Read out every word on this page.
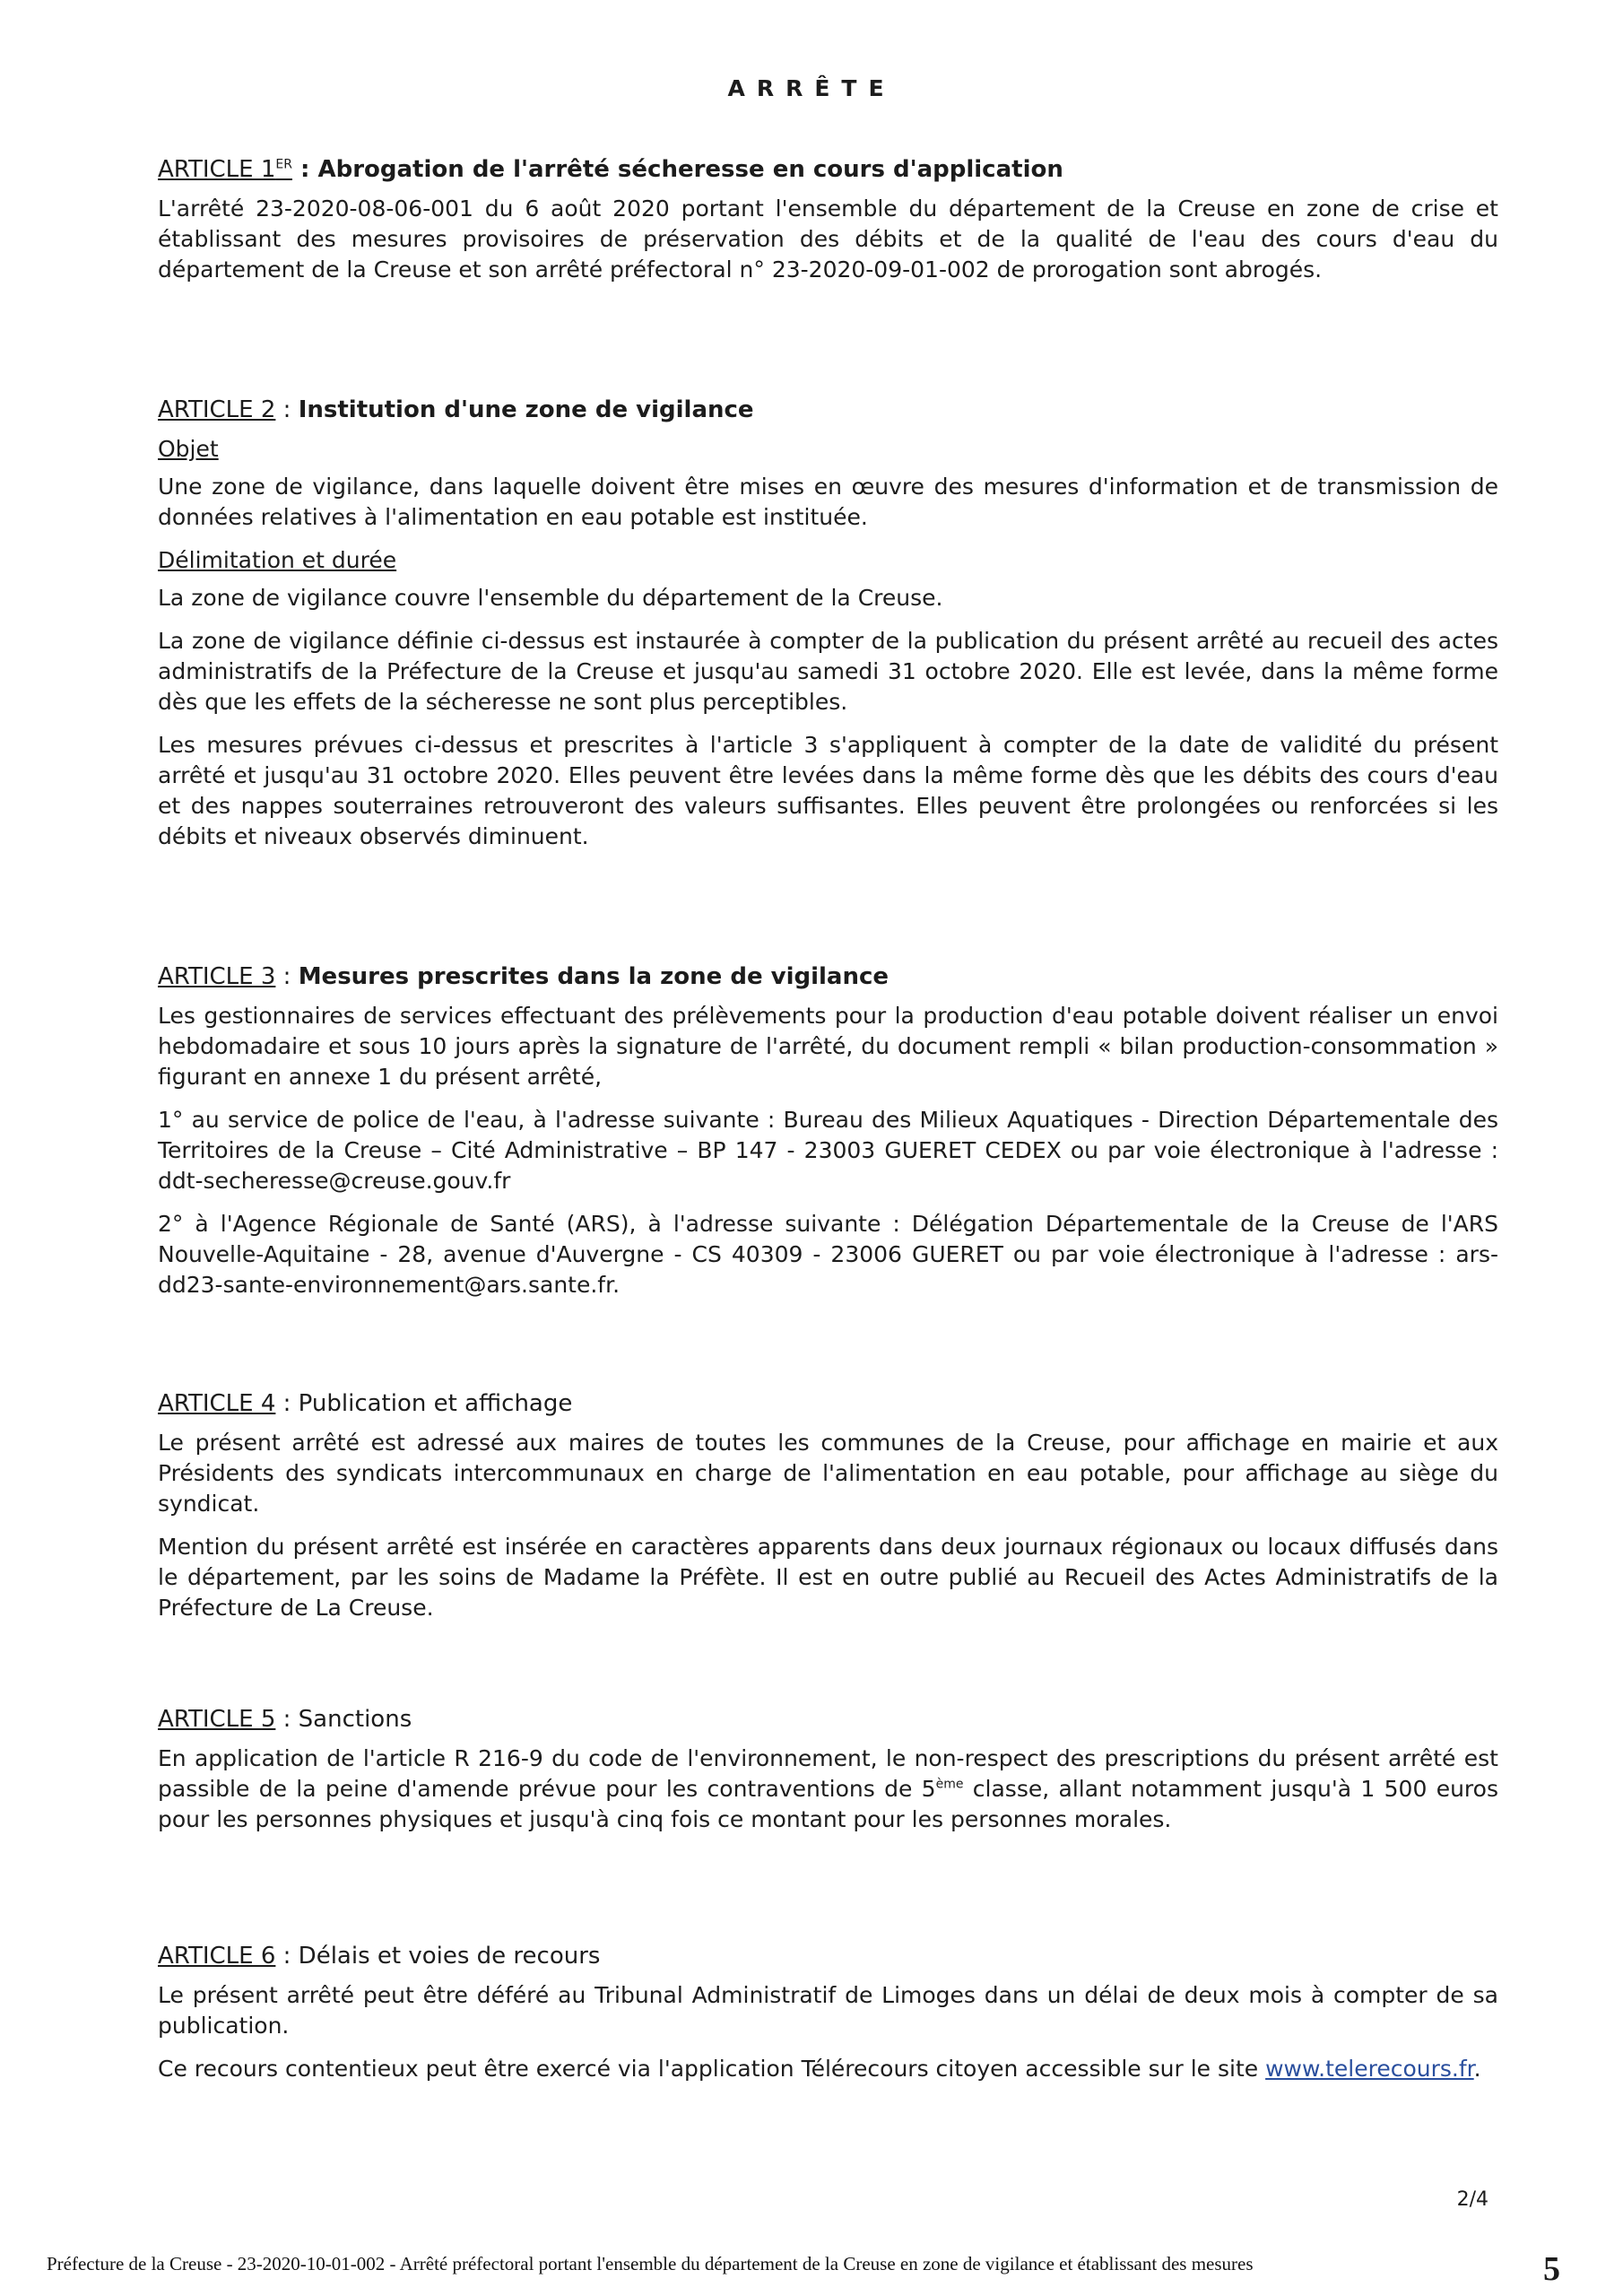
ARRÊTE
ARTICLE 1ER : Abrogation de l'arrêté sécheresse en cours d'application

L'arrêté 23-2020-08-06-001 du 6 août 2020 portant l'ensemble du département de la Creuse en zone de crise et établissant des mesures provisoires de préservation des débits et de la qualité de l'eau des cours d'eau du département de la Creuse et son arrêté préfectoral n° 23-2020-09-01-002 de prorogation sont abrogés.

ARTICLE 2 : Institution d'une zone de vigilance
Objet

Une zone de vigilance, dans laquelle doivent être mises en œuvre des mesures d'information et de transmission de données relatives à l'alimentation en eau potable est instituée.

Délimitation et durée

La zone de vigilance couvre l'ensemble du département de la Creuse.

La zone de vigilance définie ci-dessus est instaurée à compter de la publication du présent arrêté au recueil des actes administratifs de la Préfecture de la Creuse et jusqu'au samedi 31 octobre 2020. Elle est levée, dans la même forme dès que les effets de la sécheresse ne sont plus perceptibles.

Les mesures prévues ci-dessus et prescrites à l'article 3 s'appliquent à compter de la date de validité du présent arrêté et jusqu'au 31 octobre 2020. Elles peuvent être levées dans la même forme dès que les débits des cours d'eau et des nappes souterraines retrouveront des valeurs suffisantes. Elles peuvent être prolongées ou renforcées si les débits et niveaux observés diminuent.

ARTICLE 3 : Mesures prescrites dans la zone de vigilance

Les gestionnaires de services effectuant des prélèvements pour la production d'eau potable doivent réaliser un envoi hebdomadaire et sous 10 jours après la signature de l'arrêté, du document rempli « bilan production-consommation » figurant en annexe 1 du présent arrêté,

1° au service de police de l'eau, à l'adresse suivante : Bureau des Milieux Aquatiques - Direction Départementale des Territoires de la Creuse – Cité Administrative – BP 147 - 23003 GUERET CEDEX ou par voie électronique à l'adresse : ddt-secheresse@creuse.gouv.fr

2° à l'Agence Régionale de Santé (ARS), à l'adresse suivante : Délégation Départementale de la Creuse de l'ARS Nouvelle-Aquitaine - 28, avenue d'Auvergne - CS 40309 - 23006 GUERET ou par voie électronique à l'adresse : ars-dd23-sante-environnement@ars.sante.fr.

ARTICLE 4 : Publication et affichage

Le présent arrêté est adressé aux maires de toutes les communes de la Creuse, pour affichage en mairie et aux Présidents des syndicats intercommunaux en charge de l'alimentation en eau potable, pour affichage au siège du syndicat.

Mention du présent arrêté est insérée en caractères apparents dans deux journaux régionaux ou locaux diffusés dans le département, par les soins de Madame la Préfète. Il est en outre publié au Recueil des Actes Administratifs de la Préfecture de La Creuse.

ARTICLE 5 : Sanctions

En application de l'article R 216-9 du code de l'environnement, le non-respect des prescriptions du présent arrêté est passible de la peine d'amende prévue pour les contraventions de 5ème classe, allant notamment jusqu'à 1 500 euros pour les personnes physiques et jusqu'à cinq fois ce montant pour les personnes morales.

ARTICLE 6 : Délais et voies de recours

Le présent arrêté peut être déféré au Tribunal Administratif de Limoges dans un délai de deux mois à compter de sa publication.

Ce recours contentieux peut être exercé via l'application Télérecours citoyen accessible sur le site www.telerecours.fr.

2/4
Préfecture de la Creuse - 23-2020-10-01-002 - Arrêté préfectoral portant l'ensemble du département de la Creuse en zone de vigilance et établissant des mesures	5
